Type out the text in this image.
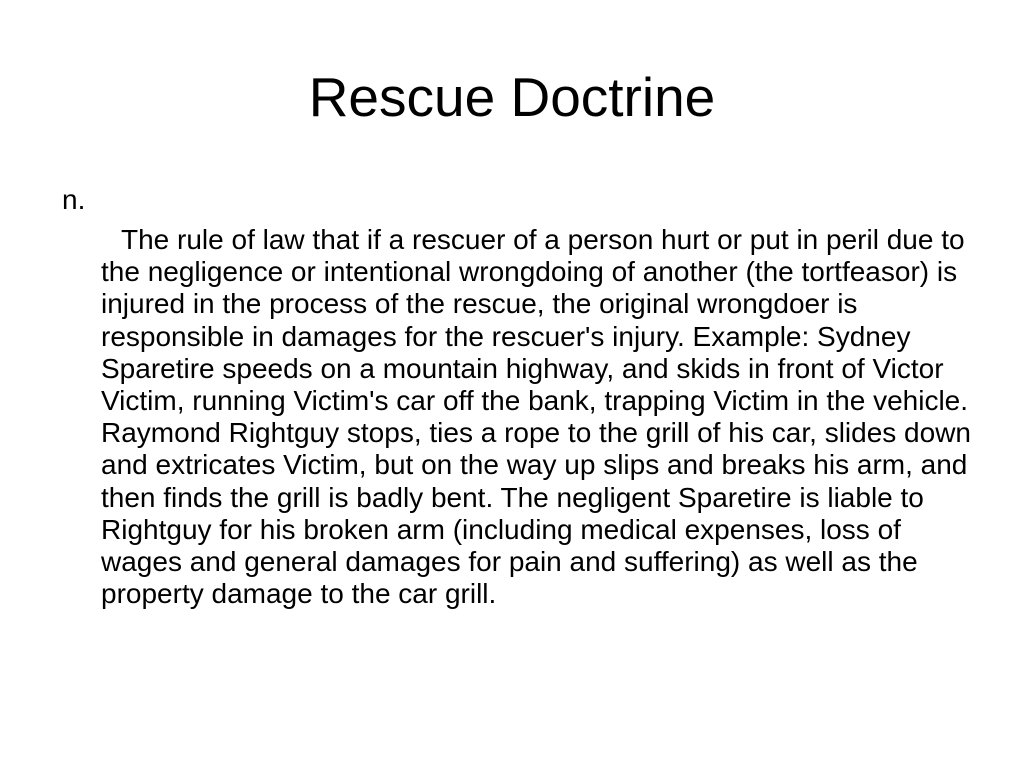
Rescue Doctrine
n.

The rule of law that if a rescuer of a person hurt or put in peril due to the negligence or intentional wrongdoing of another (the tortfeasor) is injured in the process of the rescue, the original wrongdoer is responsible in damages for the rescuer's injury. Example: Sydney Sparetire speeds on a mountain highway, and skids in front of Victor Victim, running Victim's car off the bank, trapping Victim in the vehicle. Raymond Rightguy stops, ties a rope to the grill of his car, slides down and extricates Victim, but on the way up slips and breaks his arm, and then finds the grill is badly bent. The negligent Sparetire is liable to Rightguy for his broken arm (including medical expenses, loss of wages and general damages for pain and suffering) as well as the property damage to the car grill.
